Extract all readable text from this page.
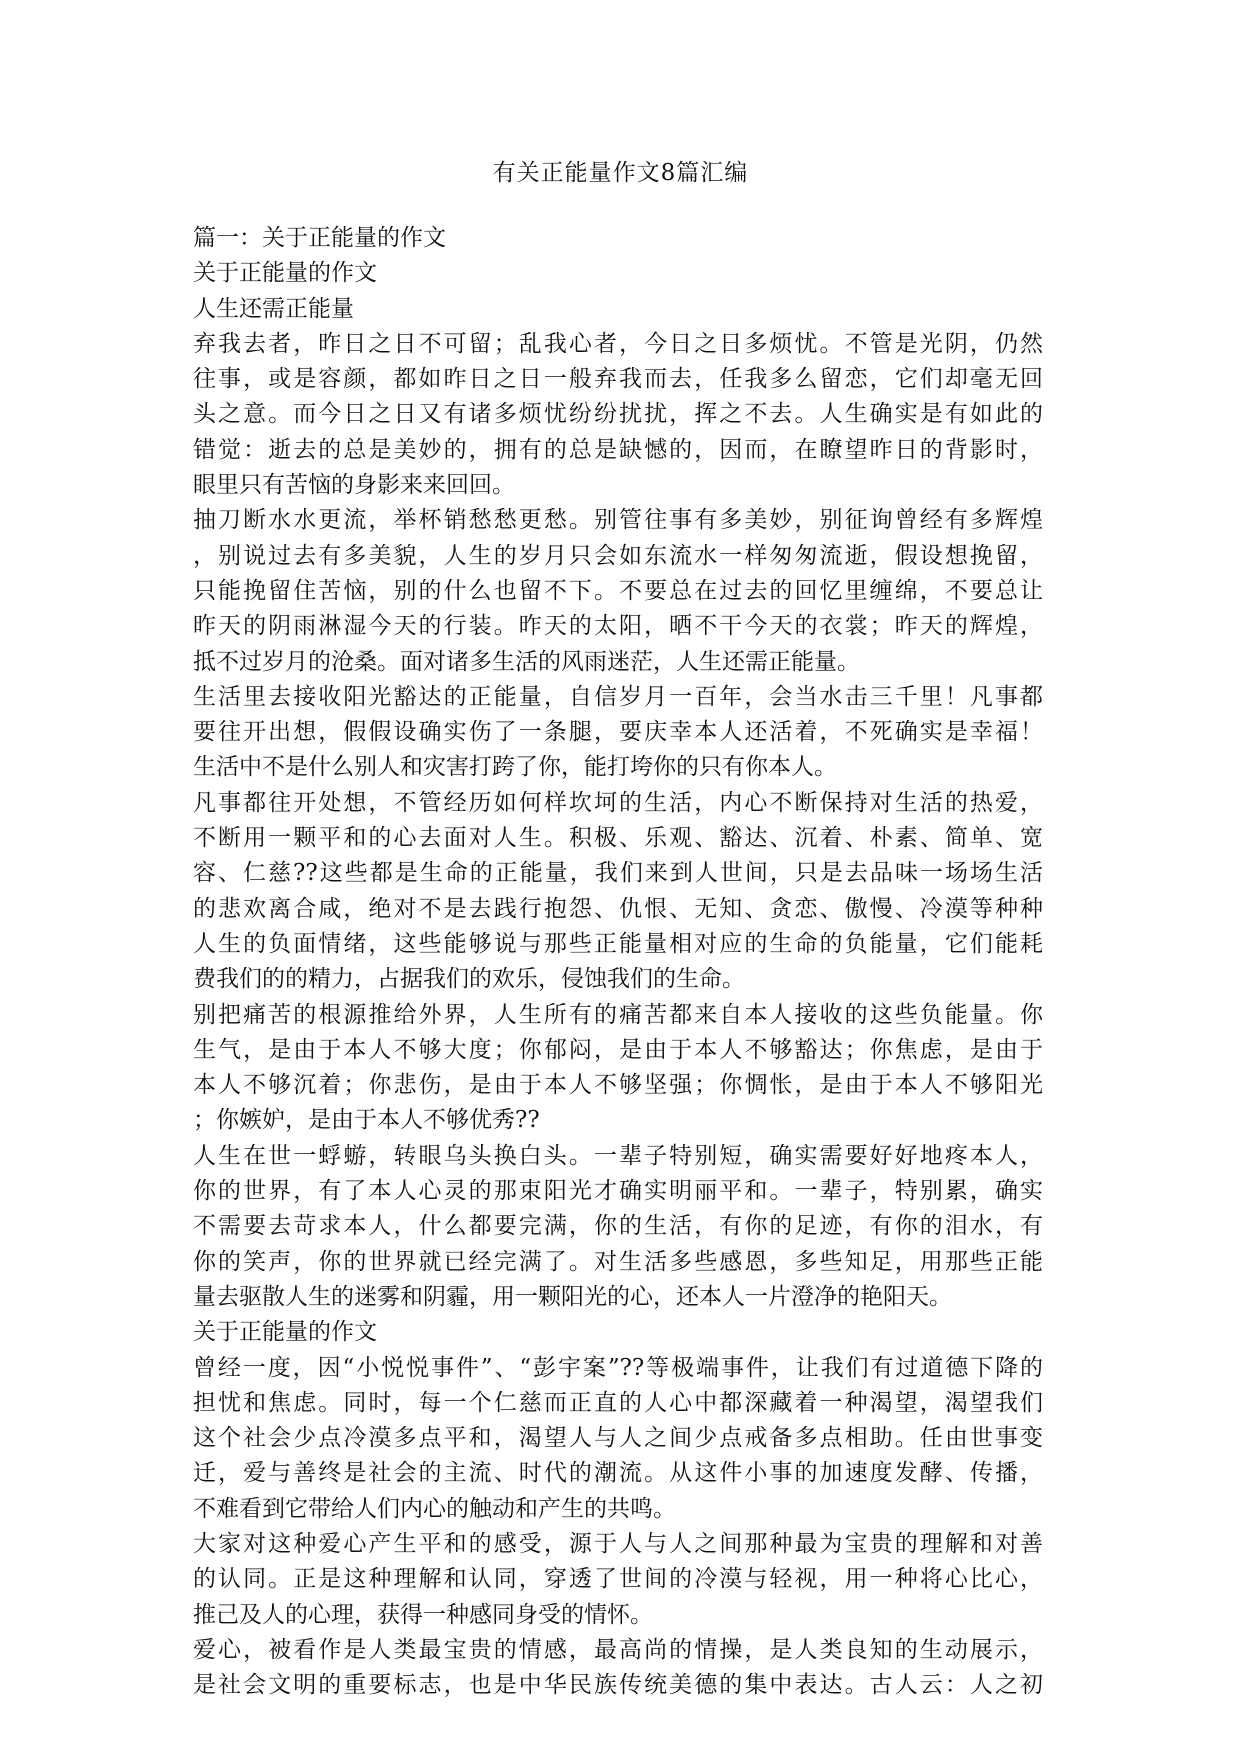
有关正能量作文8篇汇编
篇一：关于正能量的作文
关于正能量的作文
人生还需正能量
弃我去者，昨日之日不可留；乱我心者，今日之日多烦忧。不管是光阴，仍然
往事，或是容颜，都如昨日之日一般弃我而去，任我多么留恋，它们却毫无回
头之意。而今日之日又有诸多烦忧纷纷扰扰，挥之不去。人生确实是有如此的
错觉：逝去的总是美妙的，拥有的总是缺憾的，因而，在瞭望昨日的背影时，
眼里只有苦恼的身影来来回回。
抽刀断水水更流，举杯销愁愁更愁。别管往事有多美妙，别征询曾经有多辉煌
，别说过去有多美貌，人生的岁月只会如东流水一样匆匆流逝，假设想挽留，
只能挽留住苦恼，别的什么也留不下。不要总在过去的回忆里缠绵，不要总让
昨天的阴雨淋湿今天的行装。昨天的太阳，晒不干今天的衣裳；昨天的辉煌，
抵不过岁月的沧桑。面对诸多生活的风雨迷茫，人生还需正能量。
生活里去接收阳光豁达的正能量，自信岁月一百年，会当水击三千里！凡事都
要往开出想，假假设确实伤了一条腿，要庆幸本人还活着，不死确实是幸福！
生活中不是什么别人和灾害打跨了你，能打垮你的只有你本人。
凡事都往开处想，不管经历如何样坎坷的生活，内心不断保持对生活的热爱，
不断用一颗平和的心去面对人生。积极、乐观、豁达、沉着、朴素、简单、宽
容、仁慈??这些都是生命的正能量，我们来到人世间，只是去品味一场场生活
的悲欢离合咸，绝对不是去践行抱怨、仇恨、无知、贪恋、傲慢、冷漠等种种
人生的负面情绪，这些能够说与那些正能量相对应的生命的负能量，它们能耗
费我们的的精力，占据我们的欢乐，侵蚀我们的生命。
别把痛苦的根源推给外界，人生所有的痛苦都来自本人接收的这些负能量。你
生气，是由于本人不够大度；你郁闷，是由于本人不够豁达；你焦虑，是由于
本人不够沉着；你悲伤，是由于本人不够坚强；你惆怅，是由于本人不够阳光
；你嫉妒，是由于本人不够优秀??
人生在世一蜉蝣，转眼乌头换白头。一辈子特别短，确实需要好好地疼本人，
你的世界，有了本人心灵的那束阳光才确实明丽平和。一辈子，特别累，确实
不需要去苛求本人，什么都要完满，你的生活，有你的足迹，有你的泪水，有
你的笑声，你的世界就已经完满了。对生活多些感恩，多些知足，用那些正能
量去驱散人生的迷雾和阴霾，用一颗阳光的心，还本人一片澄净的艳阳天。
关于正能量的作文
曾经一度，因“小悦悦事件”、“彭宇案”??等极端事件，让我们有过道德下降的
担忧和焦虑。同时，每一个仁慈而正直的人心中都深藏着一种渴望，渴望我们
这个社会少点冷漠多点平和，渴望人与人之间少点戒备多点相助。任由世事变
迁，爱与善终是社会的主流、时代的潮流。从这件小事的加速度发酵、传播，
不难看到它带给人们内心的触动和产生的共鸣。
大家对这种爱心产生平和的感受，源于人与人之间那种最为宝贵的理解和对善
的认同。正是这种理解和认同，穿透了世间的冷漠与轻视，用一种将心比心，
推己及人的心理，获得一种感同身受的情怀。
爱心，被看作是人类最宝贵的情感，最高尚的情操，是人类良知的生动展示，
是社会文明的重要标志，也是中华民族传统美德的集中表达。古人云：人之初
